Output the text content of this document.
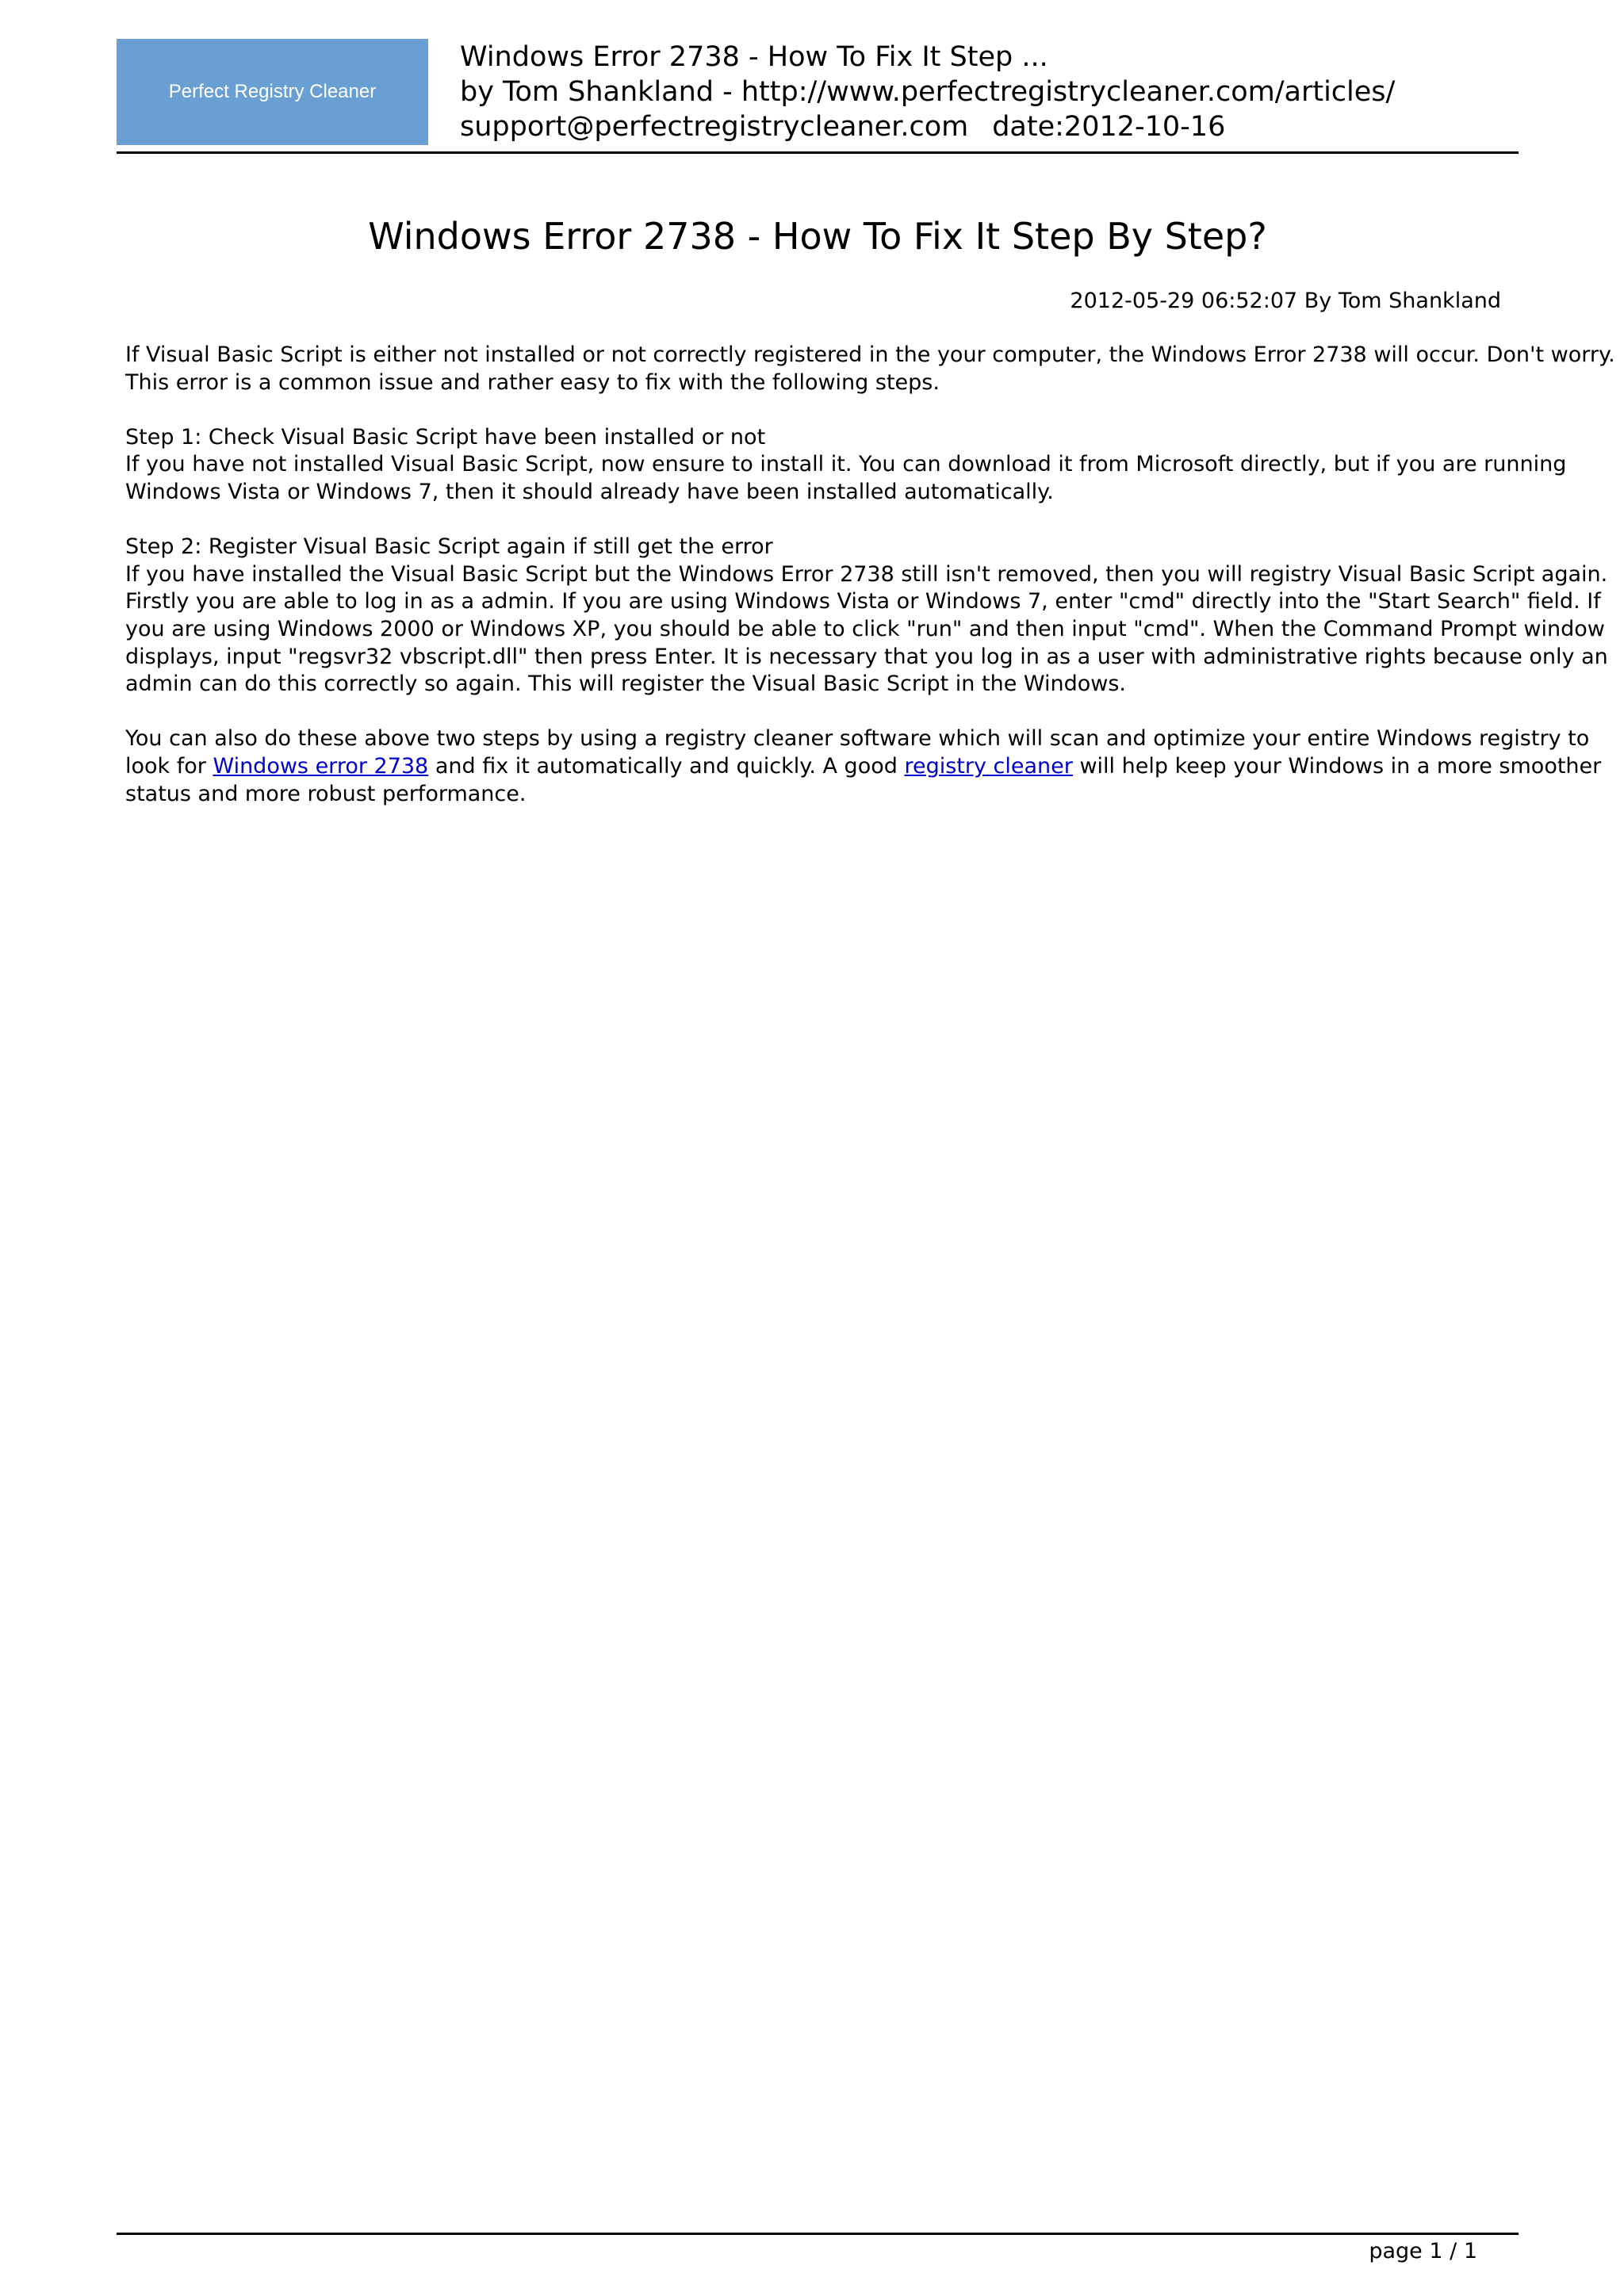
Perfect Registry Cleaner
Windows Error 2738 - How To Fix It Step ...
by Tom Shankland - http://www.perfectregistrycleaner.com/articles/
support@perfectregistrycleaner.com date:2012-10-16
Windows Error 2738 - How To Fix It Step By Step?
2012-05-29 06:52:07 By Tom Shankland

If Visual Basic Script is either not installed or not correctly registered in the your computer, the Windows Error 2738 will occur. Don't worry.
This error is a common issue and rather easy to fix with the following steps.

Step 1: Check Visual Basic Script have been installed or not
If you have not installed Visual Basic Script, now ensure to install it. You can download it from Microsoft directly, but if you are running
Windows Vista or Windows 7, then it should already have been installed automatically.

Step 2: Register Visual Basic Script again if still get the error
If you have installed the Visual Basic Script but the Windows Error 2738 still isn't removed, then you will registry Visual Basic Script again.
Firstly you are able to log in as a admin. If you are using Windows Vista or Windows 7, enter "cmd" directly into the "Start Search" field. If
you are using Windows 2000 or Windows XP, you should be able to click "run" and then input "cmd". When the Command Prompt window
displays, input "regsvr32 vbscript.dll" then press Enter. It is necessary that you log in as a user with administrative rights because only an
admin can do this correctly so again. This will register the Visual Basic Script in the Windows.

You can also do these above two steps by using a registry cleaner software which will scan and optimize your entire Windows registry to
look for Windows error 2738 and fix it automatically and quickly. A good registry cleaner will help keep your Windows in a more smoother
status and more robust performance.

page 1 / 1
